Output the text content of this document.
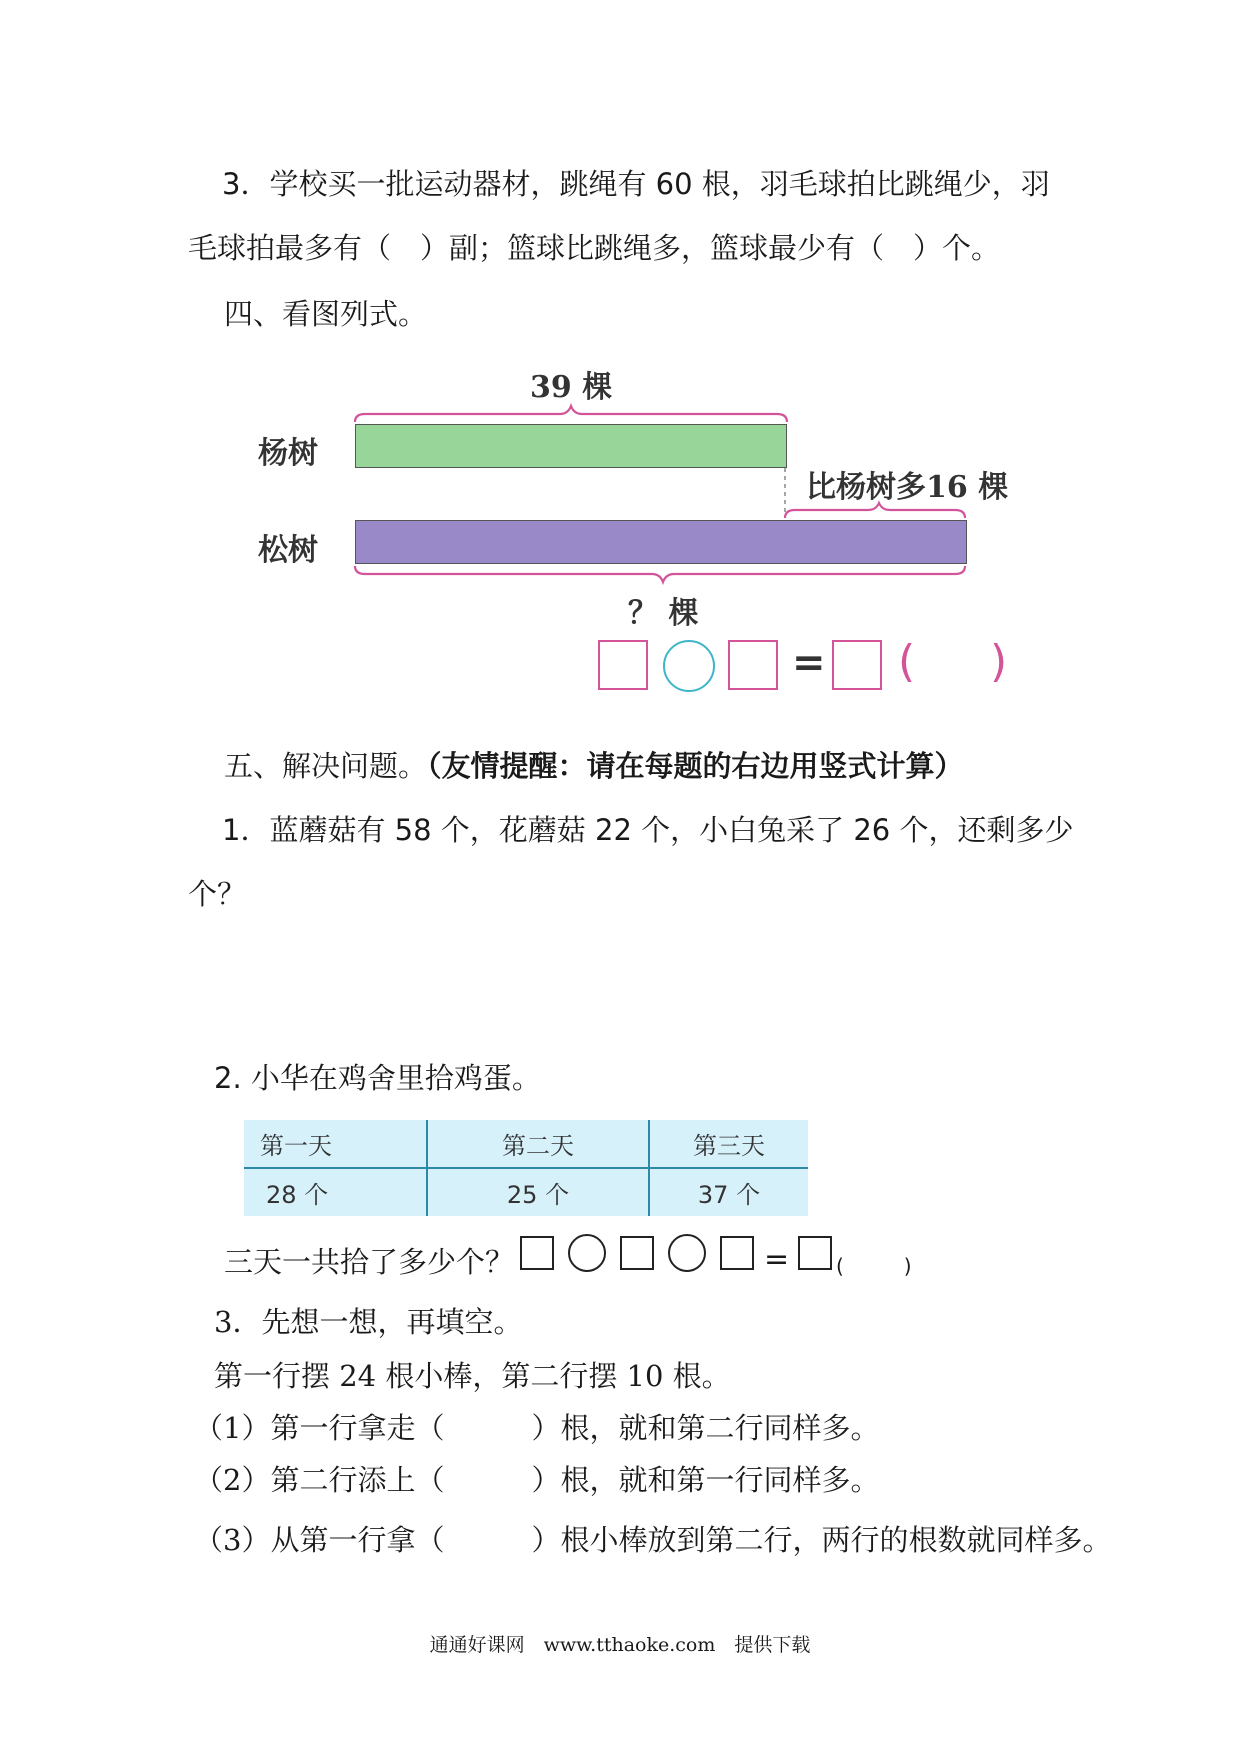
3．学校买一批运动器材，跳绳有 60 根，羽毛球拍比跳绳少，羽
毛球拍最多有（　）副；篮球比跳绳多，篮球最少有（　）个。
四、看图列式。
39 棵
杨树
比杨树多16 棵
松树
？ 棵
= ( )
五、解决问题。（友情提醒：请在每题的右边用竖式计算）
1．蓝蘑菇有 58 个，花蘑菇 22 个，小白兔采了 26 个，还剩多少
个？
2. 小华在鸡舍里拾鸡蛋。
第一天	第二天	第三天
28 个	25 个	37 个
三天一共拾了多少个？	= (　　　)
3．先想一想，再填空。
第一行摆 24 根小棒，第二行摆 10 根。
（1）第一行拿走（　　　）根，就和第二行同样多。
（2）第二行添上（　　　）根，就和第一行同样多。
（3）从第一行拿（　　　）根小棒放到第二行，两行的根数就同样多。
通通好课网　www.tthaoke.com　提供下载
